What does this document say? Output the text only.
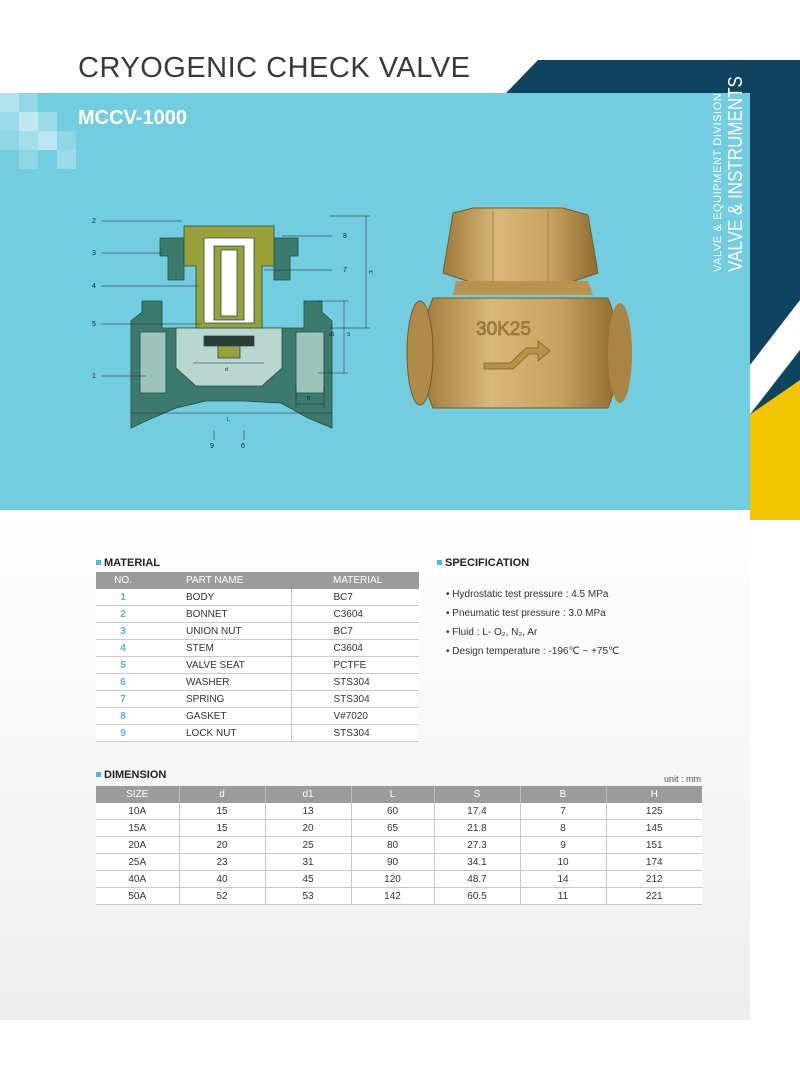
CRYOGENIC CHECK VALVE
MCCV-1000
2
3
4
5
1
8
7
9	6
H
d1 S
d
L
B
30K25
VALVE & EQUIPMENT DIVISION VALVE & INSTRUMENTS
MATERIAL
NO.	PART NAME	MATERIAL
1	BODY	BC7
2	BONNET	C3604
3	UNION NUT	BC7
4	STEM	C3604
5	VALVE SEAT	PCTFE
6	WASHER	STS304
7	SPRING	STS304
8	GASKET	V#7020
9	LOCK NUT	STS304
SPECIFICATION
• Hydrostatic test pressure : 4.5 MPa
• Pneumatic test pressure : 3.0 MPa
• Fluid : L- O₂, N₂, Ar
• Design temperature : -196℃ ~ +75℃
DIMENSION	unit : mm
SIZE	d	d1	L	S	B	H
10A	15	13	60	17.4	7	125
15A	15	20	65	21.8	8	145
20A	20	25	80	27.3	9	151
25A	23	31	90	34.1	10	174
40A	40	45	120	48.7	14	212
50A	52	53	142	60.5	11	221
